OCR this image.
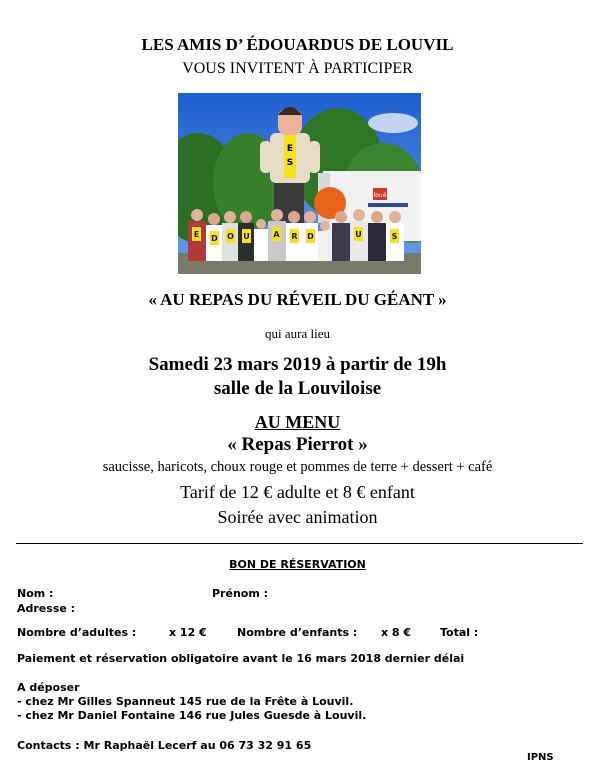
LES AMIS D’ ÉDOUARDUS DE LOUVIL
VOUS INVITENT À PARTICIPER
loué
E
S
E D O U	A R D	U	S
« AU REPAS DU RÉVEIL DU GÉANT »
qui aura lieu
Samedi 23 mars 2019 à partir de 19h
salle de la Louviloise
AU MENU
« Repas Pierrot »
saucisse, haricots, choux rouge et pommes de terre + dessert + café
Tarif de 12 € adulte et 8 € enfant
Soirée avec animation
BON DE RÉSERVATION
Nom :	Prénom :
Adresse :
Nombre d’adultes :	x 12 €	Nombre d’enfants : x 8 €	Total :
Paiement et réservation obligatoire avant le 16 mars 2018 dernier délai
A déposer
- chez Mr Gilles Spanneut 145 rue de la Frête à Louvil.
- chez Mr Daniel Fontaine 146 rue Jules Guesde à Louvil.
Contacts : Mr Raphaël Lecerf au 06 73 32 91 65
IPNS
